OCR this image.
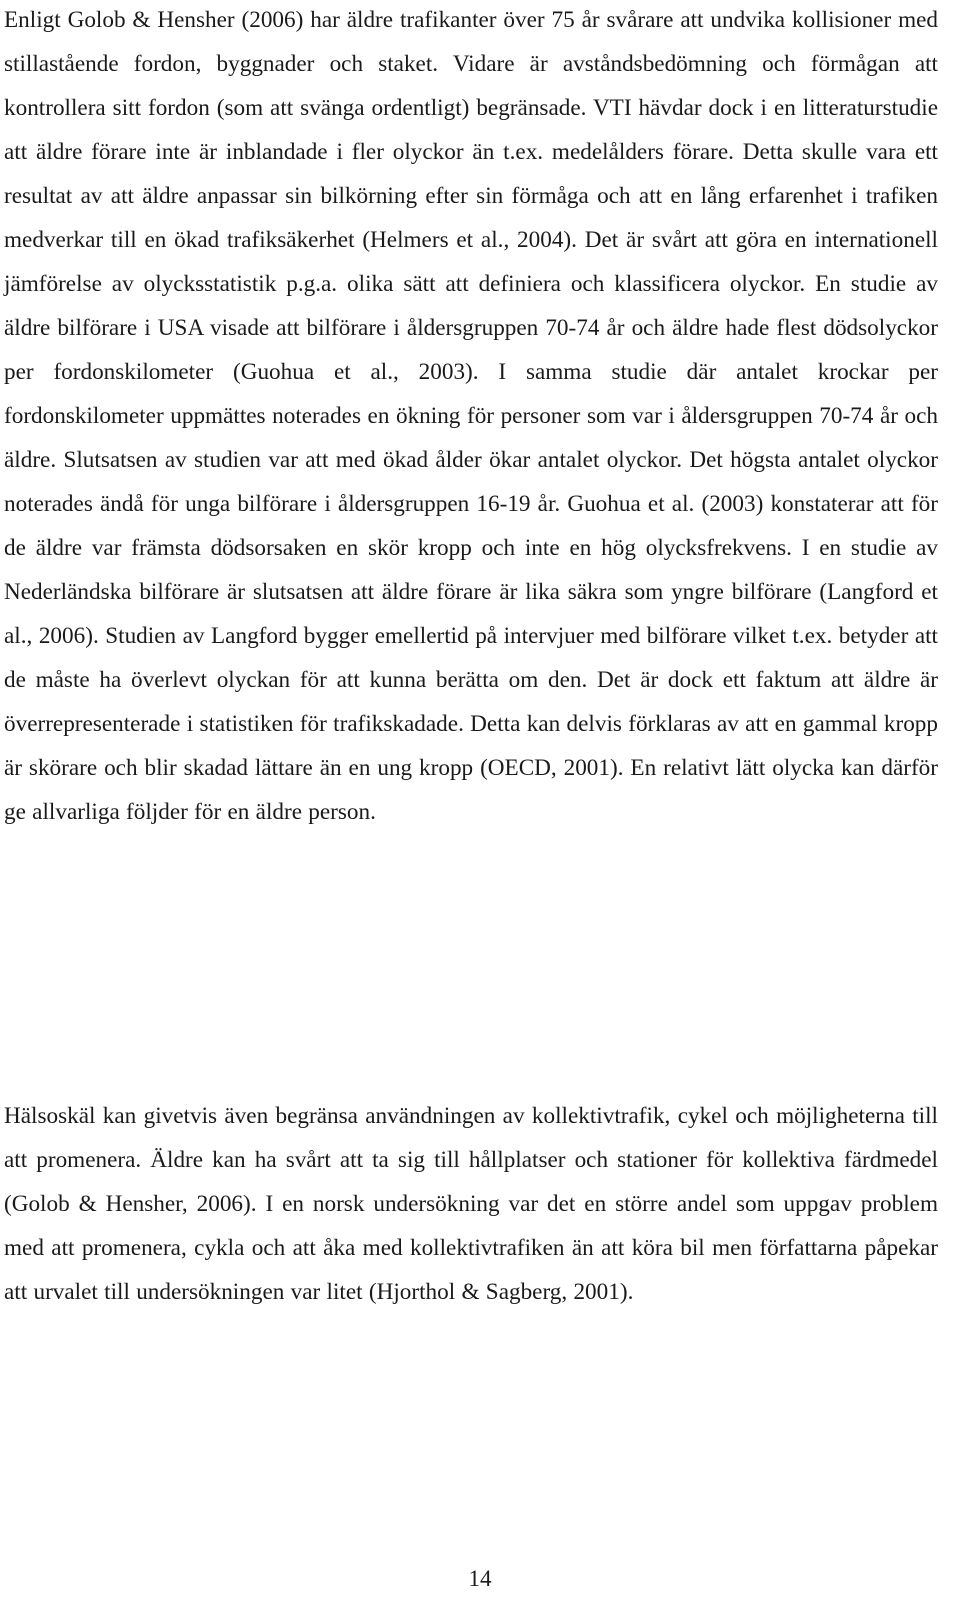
Enligt Golob & Hensher (2006) har äldre trafikanter över 75 år svårare att undvika kollisioner med stillastående fordon, byggnader och staket. Vidare är avståndsbedömning och förmågan att kontrollera sitt fordon (som att svänga ordentligt) begränsade. VTI hävdar dock i en litteraturstudie att äldre förare inte är inblandade i fler olyckor än t.ex. medelålders förare. Detta skulle vara ett resultat av att äldre anpassar sin bilkörning efter sin förmåga och att en lång erfarenhet i trafiken medverkar till en ökad trafiksäkerhet (Helmers et al., 2004). Det är svårt att göra en internationell jämförelse av olycksstatistik p.g.a. olika sätt att definiera och klassificera olyckor. En studie av äldre bilförare i USA visade att bilförare i åldersgruppen 70-74 år och äldre hade flest dödsolyckor per fordonskilometer (Guohua et al., 2003). I samma studie där antalet krockar per fordonskilometer uppmättes noterades en ökning för personer som var i åldersgruppen 70-74 år och äldre. Slutsatsen av studien var att med ökad ålder ökar antalet olyckor. Det högsta antalet olyckor noterades ändå för unga bilförare i åldersgruppen 16-19 år. Guohua et al. (2003) konstaterar att för de äldre var främsta dödsorsaken en skör kropp och inte en hög olycksfrekvens. I en studie av Nederländska bilförare är slutsatsen att äldre förare är lika säkra som yngre bilförare (Langford et al., 2006). Studien av Langford bygger emellertid på intervjuer med bilförare vilket t.ex. betyder att de måste ha överlevt olyckan för att kunna berätta om den. Det är dock ett faktum att äldre är överrepresenterade i statistiken för trafikskadade. Detta kan delvis förklaras av att en gammal kropp är skörare och blir skadad lättare än en ung kropp (OECD, 2001). En relativt lätt olycka kan därför ge allvarliga följder för en äldre person.

Hälsoskäl kan givetvis även begränsa användningen av kollektivtrafik, cykel och möjligheterna till att promenera. Äldre kan ha svårt att ta sig till hållplatser och stationer för kollektiva färdmedel (Golob & Hensher, 2006). I en norsk undersökning var det en större andel som uppgav problem med att promenera, cykla och att åka med kollektivtrafiken än att köra bil men författarna påpekar att urvalet till undersökningen var litet (Hjorthol & Sagberg, 2001).

14
